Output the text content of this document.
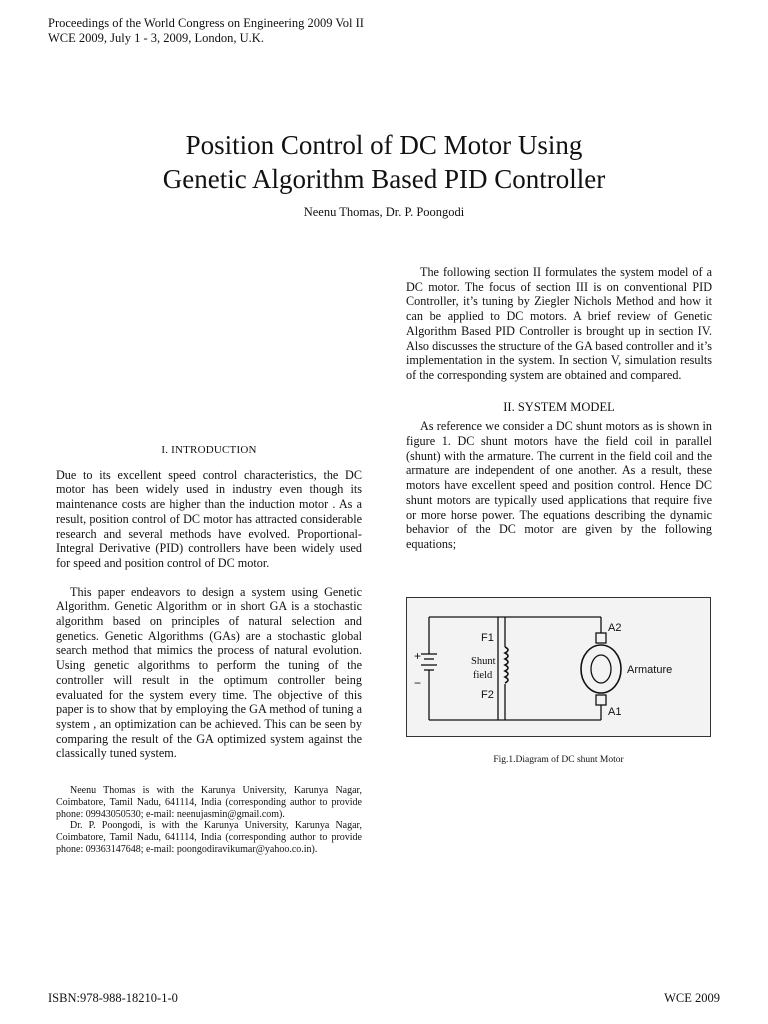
Proceedings of the World Congress on Engineering 2009 Vol II
WCE 2009, July 1 - 3, 2009, London, U.K.
Position Control of DC Motor Using
Genetic Algorithm Based PID Controller
Neenu Thomas, Dr. P. Poongodi
I. INTRODUCTION

Due to its excellent speed control characteristics, the DC motor has been widely used in industry even though its maintenance costs are higher than the induction motor . As a result, position control of DC motor has attracted considerable research and several methods have evolved. Proportional-Integral Derivative (PID) controllers have been widely used for speed and position control of DC motor.

This paper endeavors to design a system using Genetic Algorithm. Genetic Algorithm or in short GA is a stochastic algorithm based on principles of natural selection and genetics. Genetic Algorithms (GAs) are a stochastic global search method that mimics the process of natural evolution. Using genetic algorithms to perform the tuning of the controller will result in the optimum controller being evaluated for the system every time. The objective of this paper is to show that by employing the GA method of tuning a system , an optimization can be achieved. This can be seen by comparing the result of the GA optimized system against the classically tuned system.

Neenu Thomas is with the Karunya University, Karunya Nagar, Coimbatore, Tamil Nadu, 641114, India (corresponding author to provide phone: 09943050530; e-mail: neenujasmin@gmail.com).

Dr. P. Poongodi, is with the Karunya University, Karunya Nagar, Coimbatore, Tamil Nadu, 641114, India (corresponding author to provide phone: 09363147648; e-mail: poongodiravikumar@yahoo.co.in).

The following section II formulates the system model of a DC motor. The focus of section III is on conventional PID Controller, it’s tuning by Ziegler Nichols Method and how it can be applied to DC motors. A brief review of Genetic Algorithm Based PID Controller is brought up in section IV. Also discusses the structure of the GA based controller and it’s implementation in the system. In section V, simulation results of the corresponding system are obtained and compared.

II. SYSTEM MODEL

As reference we consider a DC shunt motors as is shown in figure 1. DC shunt motors have the field coil in parallel (shunt) with the armature. The current in the field coil and the armature are independent of one another. As a result, these motors have excellent speed and position control. Hence DC shunt motors are typically used applications that require five or more horse power. The equations describing the dynamic behavior of the DC motor are given by the following equations;

+
−
F1
F2
Shunt
field
A2
A1
Armature
Fig.1.Diagram of DC shunt Motor
ISBN:978-988-18210-1-0	WCE 2009
